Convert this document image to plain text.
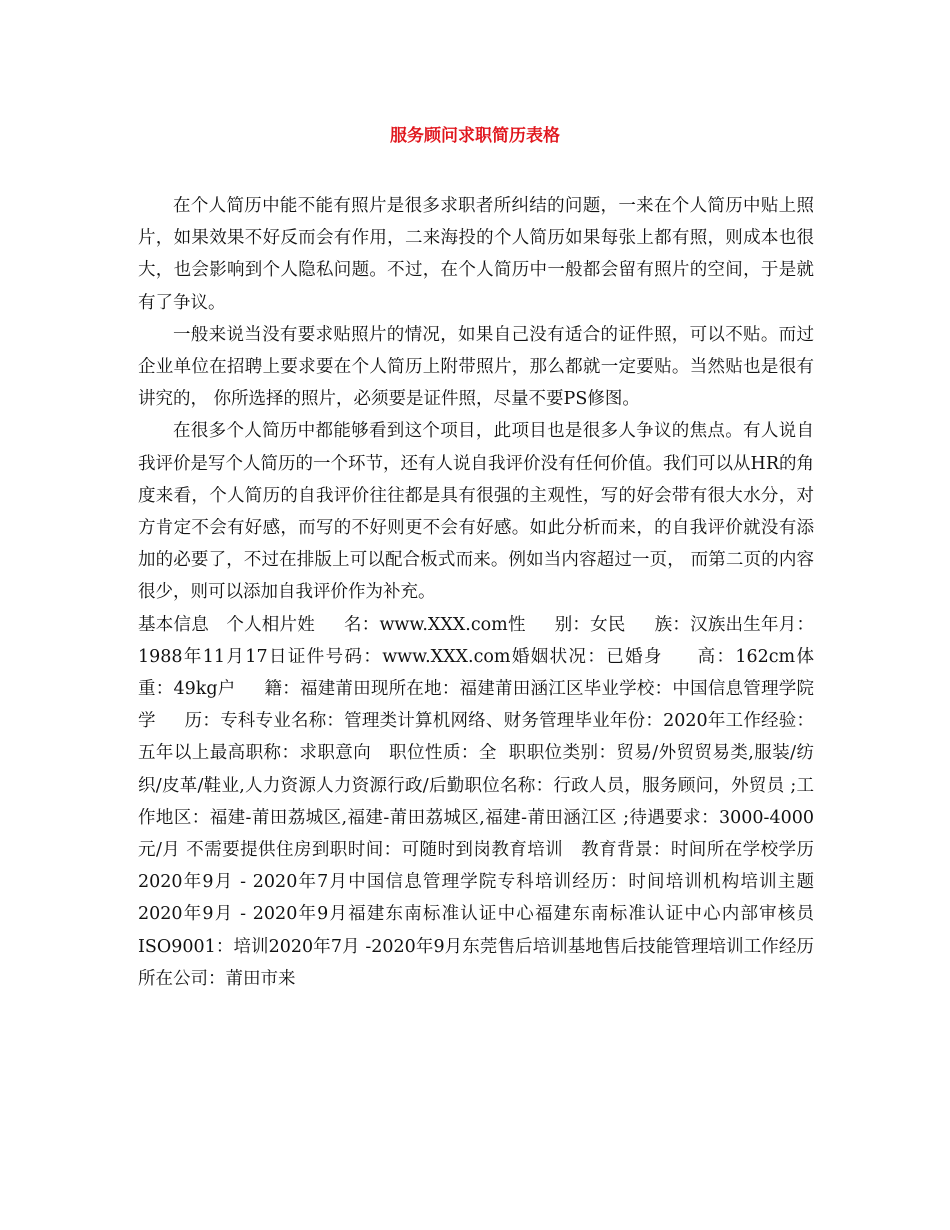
服务顾问求职简历表格

在个人简历中能不能有照片是很多求职者所纠结的问题，一来在个人简历中贴上照片，如果效果不好反而会有作用，二来海投的个人简历如果每张上都有照，则成本也很大，也会影响到个人隐私问题。不过，在个人简历中一般都会留有照片的空间，于是就有了争议。

一般来说当没有要求贴照片的情况，如果自己没有适合的证件照，可以不贴。而过企业单位在招聘上要求要在个人简历上附带照片，那么都就一定要贴。当然贴也是很有讲究的， 你所选择的照片，必须要是证件照，尽量不要PS修图。

在很多个人简历中都能够看到这个项目，此项目也是很多人争议的焦点。有人说自我评价是写个人简历的一个环节，还有人说自我评价没有任何价值。我们可以从HR的角度来看，个人简历的自我评价往往都是具有很强的主观性，写的好会带有很大水分，对方肯定不会有好感，而写的不好则更不会有好感。如此分析而来，的自我评价就没有添加的必要了，不过在排版上可以配合板式而来。例如当内容超过一页， 而第二页的内容很少，则可以添加自我评价作为补充。

基本信息   个人相片姓     名：www.XXX.com性     别：女民     族：汉族出生年月：1988年11月17日证件号码：www.XXX.com婚姻状况：已婚身     高：162cm体     重：49kg户     籍：福建莆田现所在地：福建莆田涵江区毕业学校：中国信息管理学院学     历：专科专业名称：管理类计算机网络、财务管理毕业年份：2020年工作经验：五年以上最高职称：求职意向   职位性质：全  职职位类别：贸易/外贸贸易类,服装/纺织/皮革/鞋业,人力资源人力资源行政/后勤职位名称：行政人员，服务顾问，外贸员 ;工作地区：福建-莆田荔城区,福建-莆田荔城区,福建-莆田涵江区 ;待遇要求：3000-4000元/月 不需要提供住房到职时间：可随时到岗教育培训   教育背景：时间所在学校学历2020年9月 - 2020年7月中国信息管理学院专科培训经历：时间培训机构培训主题2020年9月 - 2020年9月福建东南标准认证中心福建东南标准认证中心内部审核员ISO9001：培训2020年7月 -2020年9月东莞售后培训基地售后技能管理培训工作经历      所在公司：莆田市来
